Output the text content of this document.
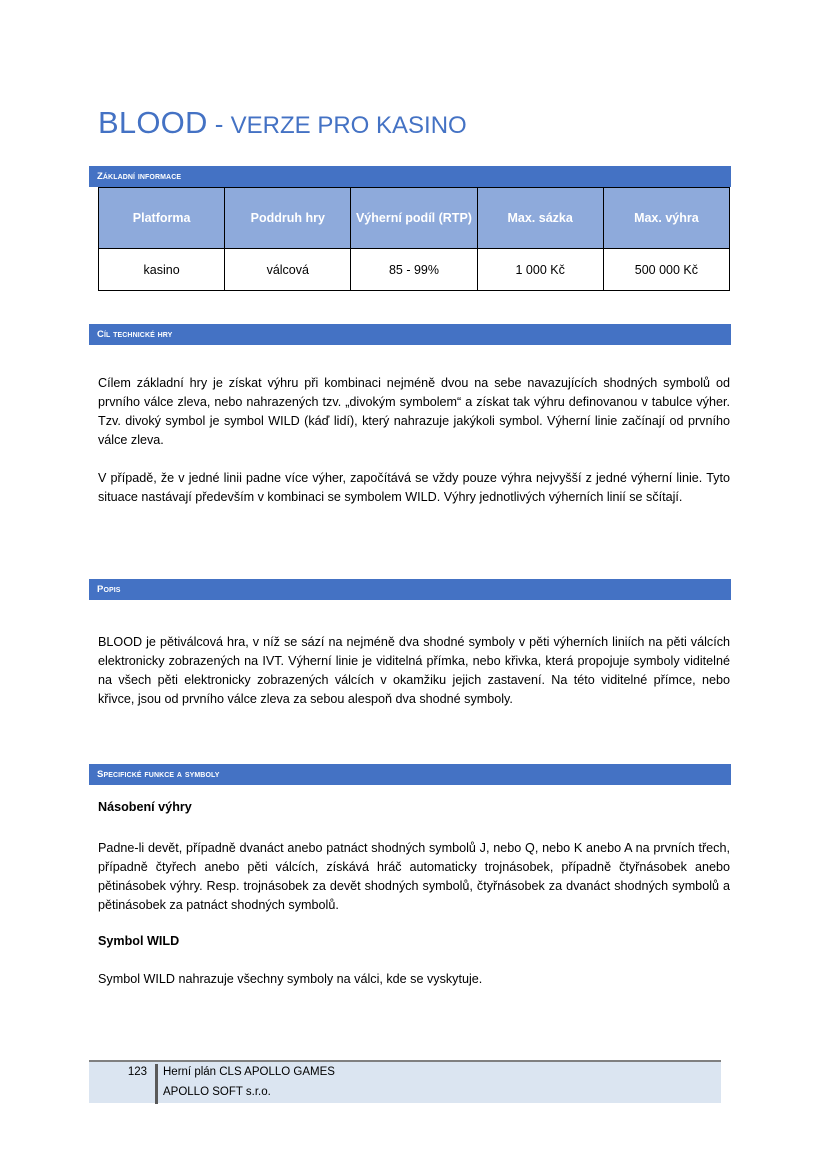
BLOOD - VERZE PRO KASINO
Základní informace
Platforma	Poddruh hry	Výherní podíl (RTP)	Max. sázka	Max. výhra
kasino	válcová	85 - 99%	1 000 Kč	500 000 Kč
Cíl technické hry

Cílem základní hry je získat výhru při kombinaci nejméně dvou na sebe navazujících shodných symbolů od prvního válce zleva, nebo nahrazených tzv. „divokým symbolem“ a získat tak výhru definovanou v tabulce výher. Tzv. divoký symbol je symbol WILD (káď lidí), který nahrazuje jakýkoli symbol. Výherní linie začínají od prvního válce zleva.

V případě, že v jedné linii padne více výher, započítává se vždy pouze výhra nejvyšší z jedné výherní linie. Tyto situace nastávají především v kombinaci se symbolem WILD. Výhry jednotlivých výherních linií se sčítají.

Popis

BLOOD je pětiválcová hra, v níž se sází na nejméně dva shodné symboly v pěti výherních liniích na pěti válcích elektronicky zobrazených na IVT. Výherní linie je viditelná přímka, nebo křivka, která propojuje symboly viditelné na všech pěti elektronicky zobrazených válcích v okamžiku jejich zastavení. Na této viditelné přímce, nebo křivce, jsou od prvního válce zleva za sebou alespoň dva shodné symboly.

Specifické funkce a symboly

Násobení výhry

Padne-li devět, případně dvanáct anebo patnáct shodných symbolů J, nebo Q, nebo K anebo A na prvních třech, případně čtyřech anebo pěti válcích, získává hráč automaticky trojnásobek, případně čtyřnásobek anebo pětinásobek výhry. Resp. trojnásobek za devět shodných symbolů, čtyřnásobek za dvanáct shodných symbolů a pětinásobek za patnáct shodných symbolů.

Symbol WILD

Symbol WILD nahrazuje všechny symboly na válci, kde se vyskytuje.

123 Herní plán CLS APOLLO GAMES
APOLLO SOFT s.r.o.
